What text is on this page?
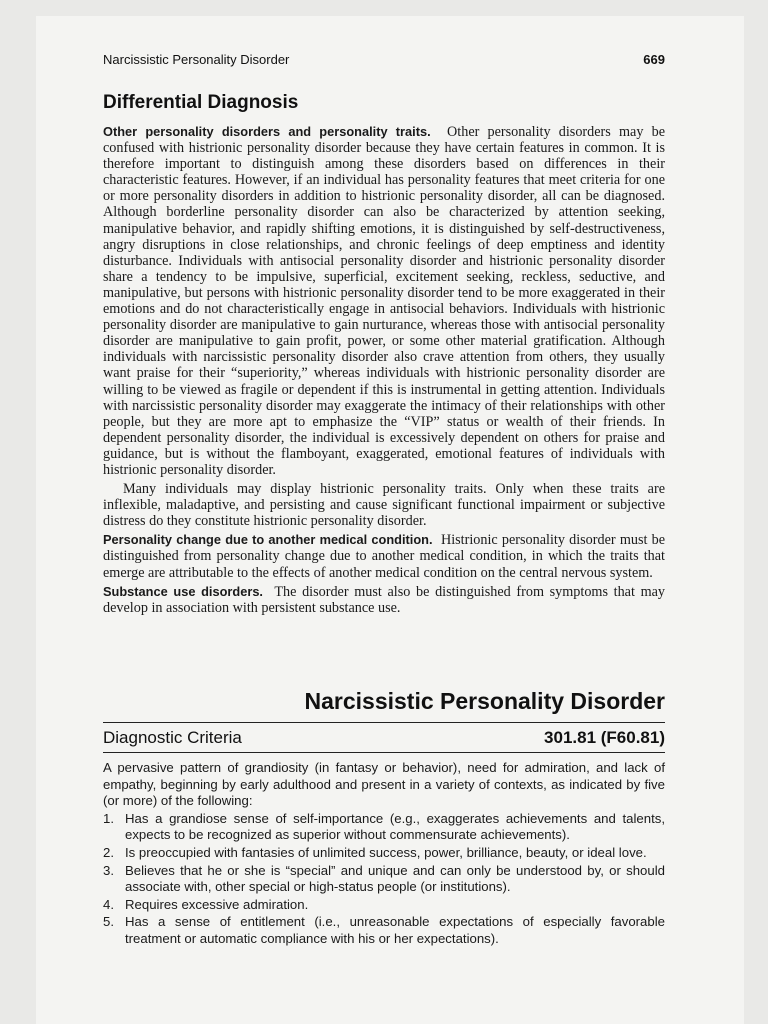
Narcissistic Personality Disorder	669
Differential Diagnosis

Other personality disorders and personality traits. Other personality disorders may be confused with histrionic personality disorder because they have certain features in common. It is therefore important to distinguish among these disorders based on differences in their characteristic features. However, if an individual has personality features that meet criteria for one or more personality disorders in addition to histrionic personality disorder, all can be diagnosed. Although borderline personality disorder can also be characterized by attention seeking, manipulative behavior, and rapidly shifting emotions, it is distinguished by self-destructiveness, angry disruptions in close relationships, and chronic feelings of deep emptiness and identity disturbance. Individuals with antisocial personality disorder and histrionic personality disorder share a tendency to be impulsive, superficial, excitement seeking, reckless, seductive, and manipulative, but persons with histrionic personality disorder tend to be more exaggerated in their emotions and do not characteristically engage in antisocial behaviors. Individuals with histrionic personality disorder are manipulative to gain nurturance, whereas those with antisocial personality disorder are manipulative to gain profit, power, or some other material gratification. Although individuals with narcissistic personality disorder also crave attention from others, they usually want praise for their “superiority,” whereas individuals with histrionic personality disorder are willing to be viewed as fragile or dependent if this is instrumental in getting attention. Individuals with narcissistic personality disorder may exaggerate the intimacy of their relationships with other people, but they are more apt to emphasize the “VIP” status or wealth of their friends. In dependent personality disorder, the individual is excessively dependent on others for praise and guidance, but is without the flamboyant, exaggerated, emotional features of individuals with histrionic personality disorder.

Many individuals may display histrionic personality traits. Only when these traits are inflexible, maladaptive, and persisting and cause significant functional impairment or subjective distress do they constitute histrionic personality disorder.

Personality change due to another medical condition. Histrionic personality disorder must be distinguished from personality change due to another medical condition, in which the traits that emerge are attributable to the effects of another medical condition on the central nervous system.

Substance use disorders. The disorder must also be distinguished from symptoms that may develop in association with persistent substance use.

Narcissistic Personality Disorder
Diagnostic Criteria	301.81 (F60.81)

A pervasive pattern of grandiosity (in fantasy or behavior), need for admiration, and lack of empathy, beginning by early adulthood and present in a variety of contexts, as indicated by five (or more) of the following:

1. Has a grandiose sense of self-importance (e.g., exaggerates achievements and talents, expects to be recognized as superior without commensurate achievements).
2. Is preoccupied with fantasies of unlimited success, power, brilliance, beauty, or ideal love.
3. Believes that he or she is “special” and unique and can only be understood by, or should associate with, other special or high-status people (or institutions).
4. Requires excessive admiration.
5. Has a sense of entitlement (i.e., unreasonable expectations of especially favorable treatment or automatic compliance with his or her expectations).
